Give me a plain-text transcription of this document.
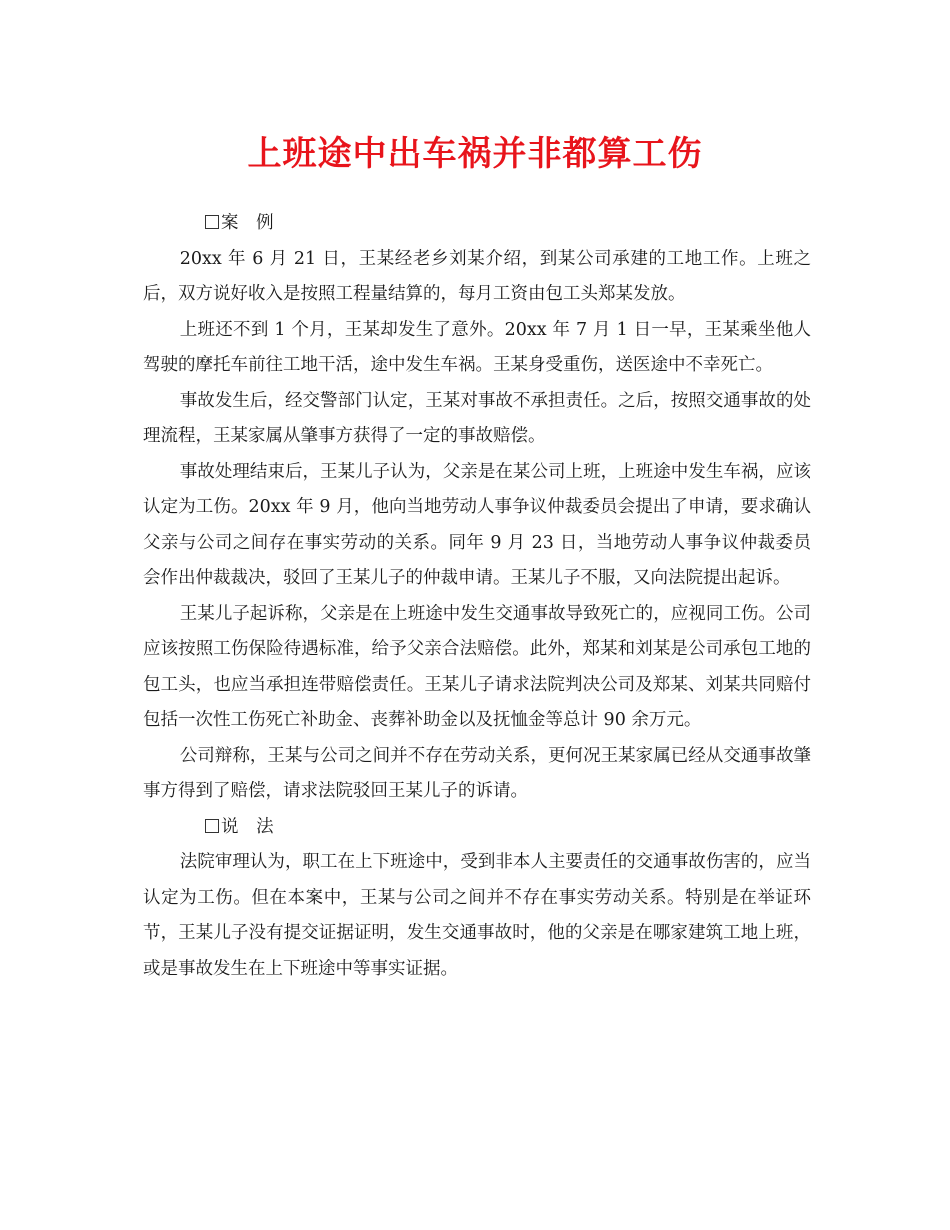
上班途中出车祸并非都算工伤
案 例

20xx 年 6 月 21 日，王某经老乡刘某介绍，到某公司承建的工地工作。上班之后，双方说好收入是按照工程量结算的，每月工资由包工头郑某发放。

上班还不到 1 个月，王某却发生了意外。20xx 年 7 月 1 日一早，王某乘坐他人驾驶的摩托车前往工地干活，途中发生车祸。王某身受重伤，送医途中不幸死亡。

事故发生后，经交警部门认定，王某对事故不承担责任。之后，按照交通事故的处理流程，王某家属从肇事方获得了一定的事故赔偿。

事故处理结束后，王某儿子认为，父亲是在某公司上班，上班途中发生车祸，应该认定为工伤。20xx 年 9 月，他向当地劳动人事争议仲裁委员会提出了申请，要求确认父亲与公司之间存在事实劳动的关系。同年 9 月 23 日，当地劳动人事争议仲裁委员会作出仲裁裁决，驳回了王某儿子的仲裁申请。王某儿子不服，又向法院提出起诉。

王某儿子起诉称，父亲是在上班途中发生交通事故导致死亡的，应视同工伤。公司应该按照工伤保险待遇标准，给予父亲合法赔偿。此外，郑某和刘某是公司承包工地的包工头，也应当承担连带赔偿责任。王某儿子请求法院判决公司及郑某、刘某共同赔付包括一次性工伤死亡补助金、丧葬补助金以及抚恤金等总计 90 余万元。

公司辩称，王某与公司之间并不存在劳动关系，更何况王某家属已经从交通事故肇事方得到了赔偿，请求法院驳回王某儿子的诉请。

说 法

法院审理认为，职工在上下班途中，受到非本人主要责任的交通事故伤害的，应当认定为工伤。但在本案中，王某与公司之间并不存在事实劳动关系。特别是在举证环节，王某儿子没有提交证据证明，发生交通事故时，他的父亲是在哪家建筑工地上班，或是事故发生在上下班途中等事实证据。
